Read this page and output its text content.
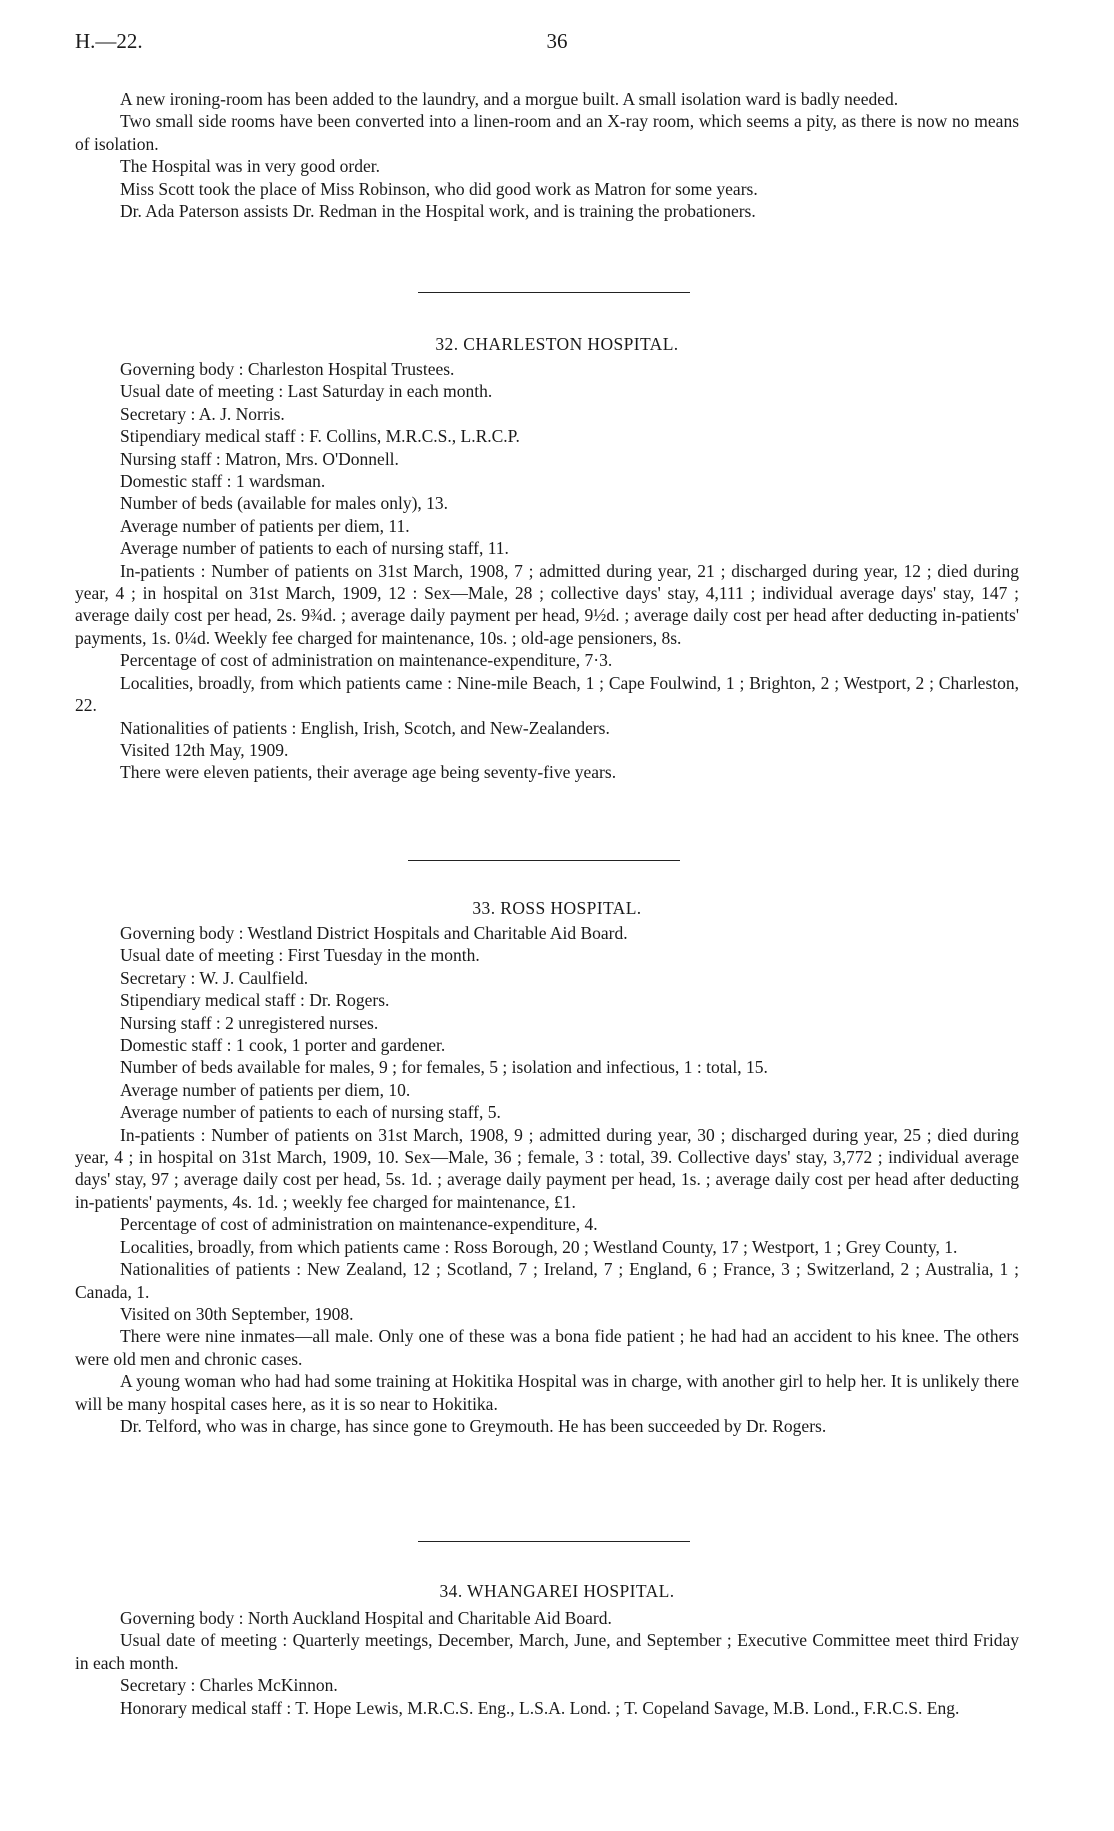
H.—22.	36

A new ironing-room has been added to the laundry, and a morgue built. A small isolation ward is badly needed.

Two small side rooms have been converted into a linen-room and an X-ray room, which seems a pity, as there is now no means of isolation.

The Hospital was in very good order.

Miss Scott took the place of Miss Robinson, who did good work as Matron for some years.

Dr. Ada Paterson assists Dr. Redman in the Hospital work, and is training the probationers.

32. CHARLESTON HOSPITAL.

Governing body : Charleston Hospital Trustees.

Usual date of meeting : Last Saturday in each month.

Secretary : A. J. Norris.

Stipendiary medical staff : F. Collins, M.R.C.S., L.R.C.P.

Nursing staff : Matron, Mrs. O'Donnell.

Domestic staff : 1 wardsman.

Number of beds (available for males only), 13.

Average number of patients per diem, 11.

Average number of patients to each of nursing staff, 11.

In-patients : Number of patients on 31st March, 1908, 7 ; admitted during year, 21 ; discharged during year, 12 ; died during year, 4 ; in hospital on 31st March, 1909, 12 : Sex—Male, 28 ; collective days' stay, 4,111 ; individual average days' stay, 147 ; average daily cost per head, 2s. 9¾d. ; average daily payment per head, 9½d. ; average daily cost per head after deducting in-patients' payments, 1s. 0¼d. Weekly fee charged for maintenance, 10s. ; old-age pensioners, 8s.

Percentage of cost of administration on maintenance-expenditure, 7·3.

Localities, broadly, from which patients came : Nine-mile Beach, 1 ; Cape Foulwind, 1 ; Brighton, 2 ; Westport, 2 ; Charleston, 22.

Nationalities of patients : English, Irish, Scotch, and New-Zealanders.

Visited 12th May, 1909.

There were eleven patients, their average age being seventy-five years.

33. ROSS HOSPITAL.

Governing body : Westland District Hospitals and Charitable Aid Board.

Usual date of meeting : First Tuesday in the month.

Secretary : W. J. Caulfield.

Stipendiary medical staff : Dr. Rogers.

Nursing staff : 2 unregistered nurses.

Domestic staff : 1 cook, 1 porter and gardener.

Number of beds available for males, 9 ; for females, 5 ; isolation and infectious, 1 : total, 15.

Average number of patients per diem, 10.

Average number of patients to each of nursing staff, 5.

In-patients : Number of patients on 31st March, 1908, 9 ; admitted during year, 30 ; discharged during year, 25 ; died during year, 4 ; in hospital on 31st March, 1909, 10. Sex—Male, 36 ; female, 3 : total, 39. Collective days' stay, 3,772 ; individual average days' stay, 97 ; average daily cost per head, 5s. 1d. ; average daily payment per head, 1s. ; average daily cost per head after deducting in-patients' payments, 4s. 1d. ; weekly fee charged for maintenance, £1.

Percentage of cost of administration on maintenance-expenditure, 4.

Localities, broadly, from which patients came : Ross Borough, 20 ; Westland County, 17 ; Westport, 1 ; Grey County, 1.

Nationalities of patients : New Zealand, 12 ; Scotland, 7 ; Ireland, 7 ; England, 6 ; France, 3 ; Switzerland, 2 ; Australia, 1 ; Canada, 1.

Visited on 30th September, 1908.

There were nine inmates—all male. Only one of these was a bona fide patient ; he had had an accident to his knee. The others were old men and chronic cases.

A young woman who had had some training at Hokitika Hospital was in charge, with another girl to help her. It is unlikely there will be many hospital cases here, as it is so near to Hokitika.

Dr. Telford, who was in charge, has since gone to Greymouth. He has been succeeded by Dr. Rogers.

34. WHANGAREI HOSPITAL.

Governing body : North Auckland Hospital and Charitable Aid Board.

Usual date of meeting : Quarterly meetings, December, March, June, and September ; Executive Committee meet third Friday in each month.

Secretary : Charles McKinnon.

Honorary medical staff : T. Hope Lewis, M.R.C.S. Eng., L.S.A. Lond. ; T. Copeland Savage, M.B. Lond., F.R.C.S. Eng.
